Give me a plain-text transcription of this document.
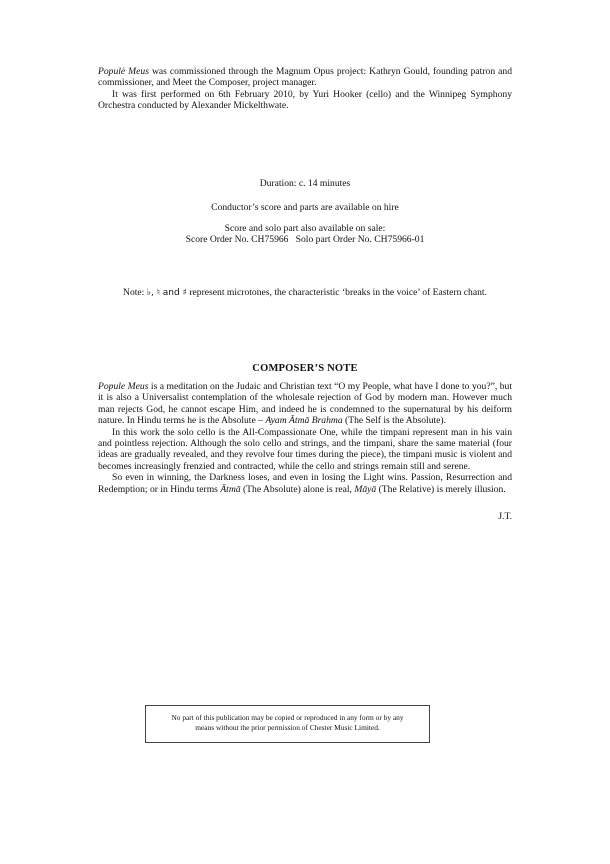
Populė Meus was commissioned through the Magnum Opus project: Kathryn Gould, founding patron and commissioner, and Meet the Composer, project manager.

It was first performed on 6th February 2010, by Yuri Hooker (cello) and the Winnipeg Symphony Orchestra conducted by Alexander Mickelthwate.

Duration: c. 14 minutes
Conductor’s score and parts are available on hire
Score and solo part also available on sale:
Score Order No. CH75966   Solo part Order No. CH75966-01
Note: ♭, ♮ and ♯ represent microtones, the characteristic ‘breaks in the voice’ of Eastern chant.
COMPOSER’S NOTE

Popule Meus is a meditation on the Judaic and Christian text “O my People, what have I done to you?”, but it is also a Universalist contemplation of the wholesale rejection of God by modern man. However much man rejects God, he cannot escape Him, and indeed he is condemned to the supernatural by his deiform nature. In Hindu terms he is the Absolute – Ayam Ātmā Brahma (The Self is the Absolute).

In this work the solo cello is the All-Compassionate One, while the timpani represent man in his vain and pointless rejection. Although the solo cello and strings, and the timpani, share the same material (four ideas are gradually revealed, and they revolve four times during the piece), the timpani music is violent and becomes increasingly frenzied and contracted, while the cello and strings remain still and serene.

So even in winning, the Darkness loses, and even in losing the Light wins. Passion, Resurrection and Redemption; or in Hindu terms Ātmā (The Absolute) alone is real, Māyā (The Relative) is merely illusion.

J.T.
No part of this publication may be copied or reproduced in any form or by any
means without the prior permission of Chester Music Limited.
